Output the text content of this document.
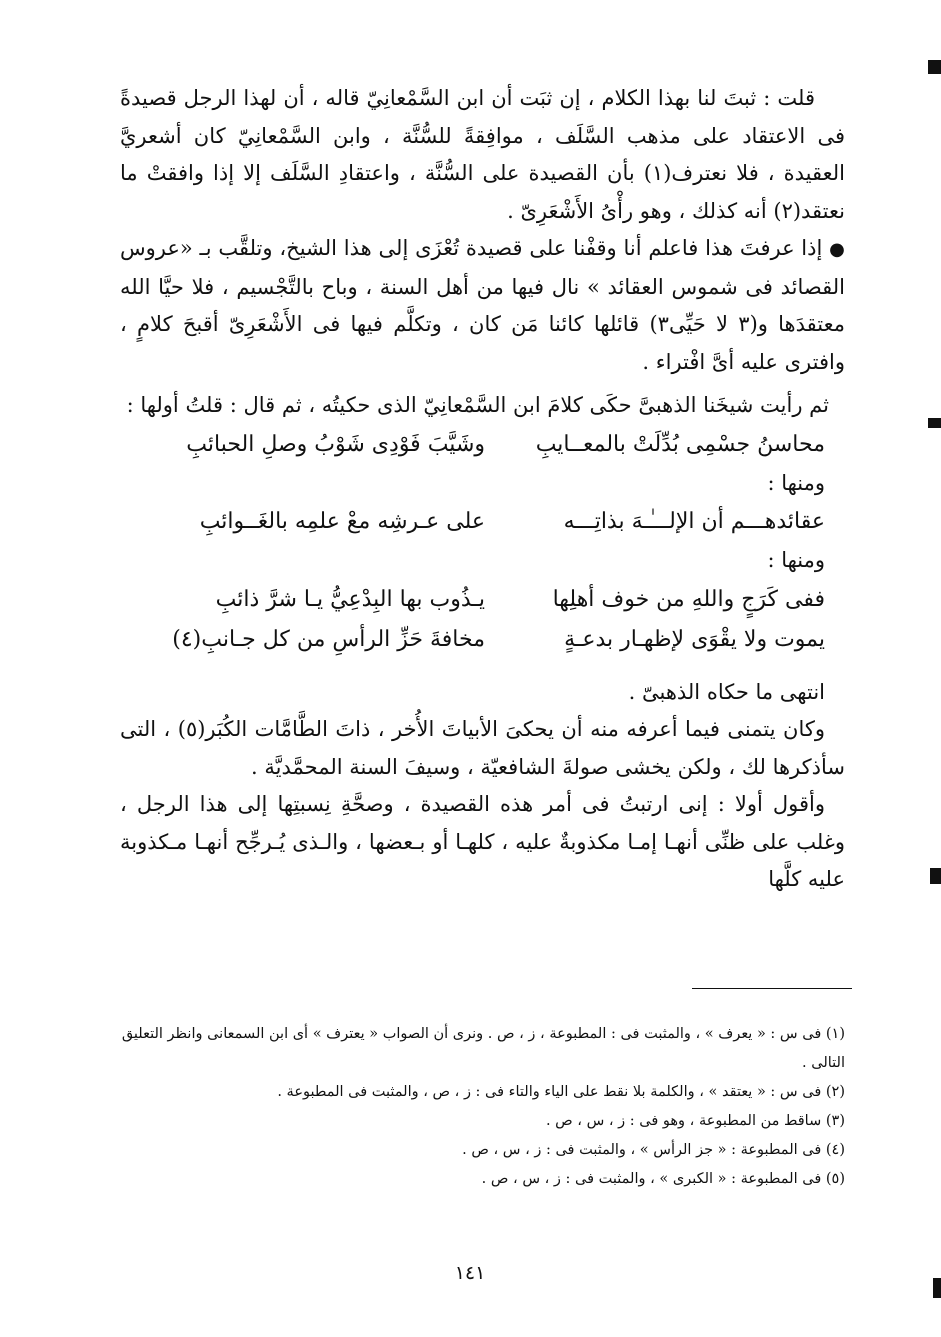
قلت : ثبتَ لنا بهذا الكلام ، إن ثبَت أن ابن السَّمْعانِيّ قاله ، أن لهذا الرجل قصيدةً فى الاعتقاد على مذهب السَّلَف ، موافِقةً للسُّنَّة ، وابن السَّمْعانِيّ كان أشعريَّ العقيدة ، فلا نعترف(١) بأن القصيدة على السُّنَّة ، واعتقادِ السَّلَف إلا إذا وافقتْ ما نعتقد(٢) أنه كذلك ، وهو رأْىُ الأَشْعَرِىّ .

● إذا عرفتَ هذا فاعلم أنا وقفْنا على قصيدة تُعْزَى إلى هذا الشيخ، وتلقَّب بـ «عروس القصائد فى شموس العقائد » نال فيها من أهل السنة ، وباح بالتَّجْسيم ، فلا حيَّا الله معتقدَها و(٣ لا حَيِّى٣) قائلها كائنا مَن كان ، وتكلَّم فيها فى الأَشْعَرِىّ أقبحَ كلامٍ ، وافترى عليه أىَّ افْتراء .

ثم رأيت شيخَنا الذهبىَّ حكَى كلامَ ابن السَّمْعانِيّ الذى حكيتُه ، ثم قال : قلتُ أولها :

محاسنُ جسْمِى بُدِّلَتْ بالمعــايبِ
وشَيَّبَ فَوْدِى شَوْبُ وصلِ الحبائبِ

ومنها :

عقائدهـــم أن الإلـــٰـهَ بذاتِـــه
على عـرشِه معْ علمِه بالغَــوائبِ

ومنها :

ففى كَرَجٍ واللهِ من خوف أهلِها
يـذُوب بها البِدْعِيُّ يـا شرَّ ذائبِ
يموت ولا يقْوَى لإظهـار بدعـةٍ
مخافةَ حَزِّ الرأسِ من كل جـانبِ(٤)

انتهى ما حكاه الذهبىّ .

وكان يتمنى فيما أعرفه منه أن يحكىَ الأبياتَ الأُخر ، ذاتَ الطَّامَّات الكُبَر(٥) ، التى سأذكرها لك ، ولكن يخشى صولةَ الشافعيّة ، وسيفَ السنة المحمَّديَّة .

وأقول أولا : إنى ارتبتُ فى أمر هذه القصيدة ، وصحَّةِ نِسبتِها إلى هذا الرجل ، وغلب على ظنِّى أنهـا إمـا مكذوبةٌ عليه ، كلهـا أو بـعضها ، والـذى يُـرجِّح أنهـا مـكذوبة عليه كلَّها

(١) فى س : « يعرف » ، والمثبت فى : المطبوعة ، ز ، ص . ونرى أن الصواب « يعترف » أى ابن السمعانى وانظر التعليق التالى .

(٢) فى س : « يعتقد » ، والكلمة بلا نقط على الياء والتاء فى : ز ، ص ، والمثبت فى المطبوعة .

(٣) ساقط من المطبوعة ، وهو فى : ز ، س ، ص .

(٤) فى المطبوعة : « جز الرأس » ، والمثبت فى : ز ، س ، ص .

(٥) فى المطبوعة : « الكبرى » ، والمثبت فى : ز ، س ، ص .

١٤١
